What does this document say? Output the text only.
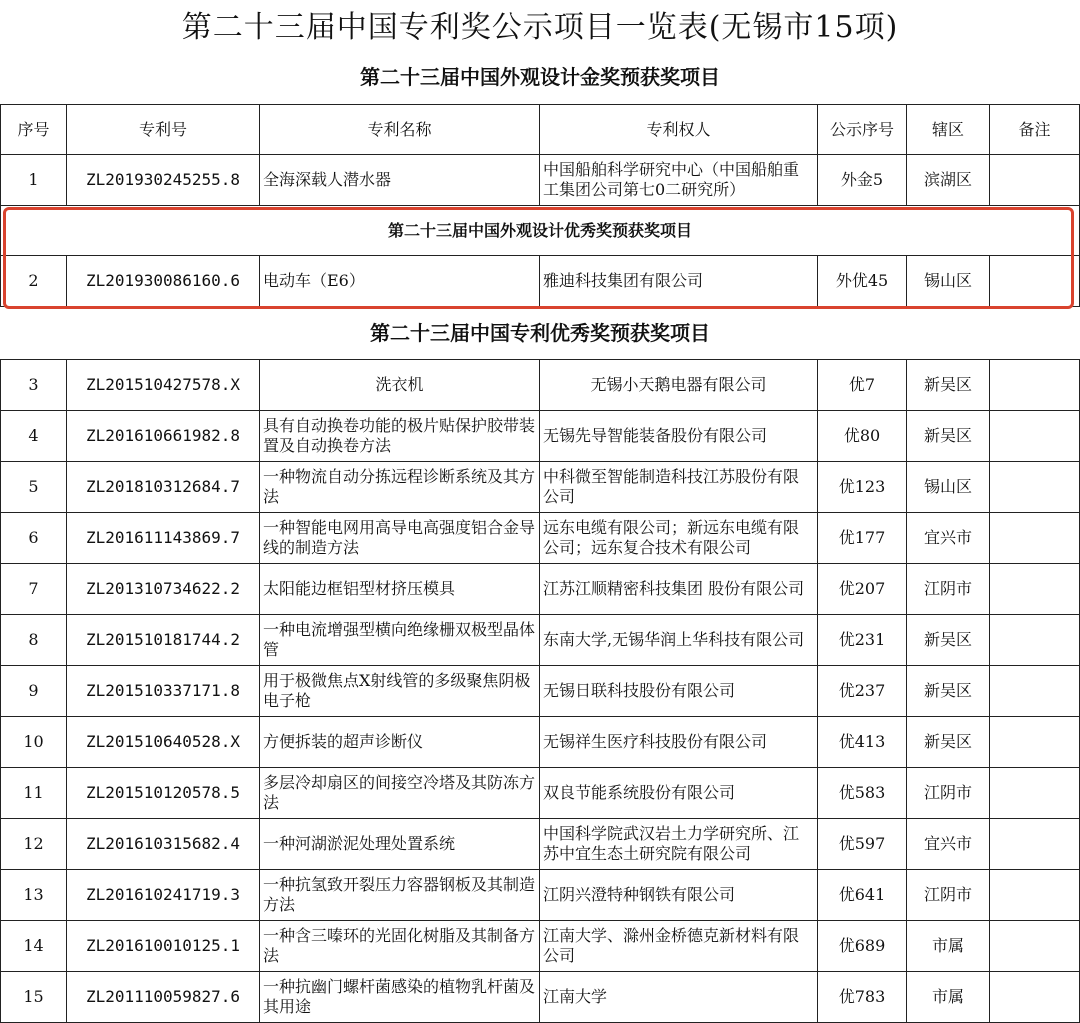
第二十三届中国专利奖公示项目一览表(无锡市15项)
第二十三届中国外观设计金奖预获奖项目
序号	专利号	专利名称	专利权人	公示序号	辖区	备注
1	ZL201930245255.8	全海深载人潜水器	中国船舶科学研究中心（中国船舶重工集团公司第七0二研究所）	外金5	滨湖区	
第二十三届中国外观设计优秀奖预获奖项目						
2	ZL201930086160.6	电动车（E6）	雅迪科技集团有限公司	外优45	锡山区	
第二十三届中国专利优秀奖预获奖项目
3	ZL201510427578.X	洗衣机	无锡小天鹅电器有限公司	优7	新吴区	
4	ZL201610661982.8	具有自动换卷功能的极片贴保护胶带装置及自动换卷方法	无锡先导智能装备股份有限公司	优80	新吴区	
5	ZL201810312684.7	一种物流自动分拣远程诊断系统及其方法	中科微至智能制造科技江苏股份有限公司	优123	锡山区	
6	ZL201611143869.7	一种智能电网用高导电高强度铝合金导线的制造方法	远东电缆有限公司；新远东电缆有限公司；远东复合技术有限公司	优177	宜兴市	
7	ZL201310734622.2	太阳能边框铝型材挤压模具	江苏江顺精密科技集团 股份有限公司	优207	江阴市	
8	ZL201510181744.2	一种电流增强型横向绝缘栅双极型晶体管	东南大学,无锡华润上华科技有限公司	优231	新吴区	
9	ZL201510337171.8	用于极微焦点X射线管的多级聚焦阴极电子枪	无锡日联科技股份有限公司	优237	新吴区	
10	ZL201510640528.X	方便拆装的超声诊断仪	无锡祥生医疗科技股份有限公司	优413	新吴区	
11	ZL201510120578.5	多层冷却扇区的间接空冷塔及其防冻方法	双良节能系统股份有限公司	优583	江阴市	
12	ZL201610315682.4	一种河湖淤泥处理处置系统	中国科学院武汉岩土力学研究所、江苏中宜生态土研究院有限公司	优597	宜兴市	
13	ZL201610241719.3	一种抗氢致开裂压力容器钢板及其制造方法	江阴兴澄特种钢铁有限公司	优641	江阴市	
14	ZL201610010125.1	一种含三嗪环的光固化树脂及其制备方法	江南大学、滁州金桥德克新材料有限公司	优689	市属	
15	ZL201110059827.6	一种抗幽门螺杆菌感染的植物乳杆菌及其用途	江南大学	优783	市属	
